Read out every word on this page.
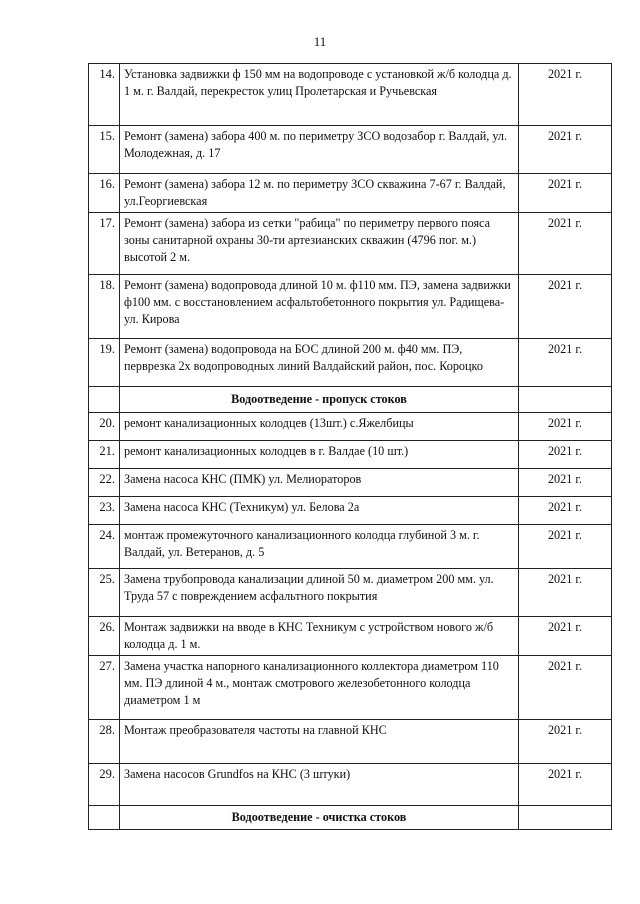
11
14.	Установка задвижки ф 150 мм на водопроводе с установкой ж/б колодца д. 1 м. г. Валдай, перекресток улиц Пролетарская и Ручьевская	2021 г.
15.	Ремонт (замена) забора 400 м. по периметру ЗСО водозабор г. Валдай, ул. Молодежная, д. 17	2021 г.
16.	Ремонт (замена) забора 12 м. по периметру ЗСО скважина 7-67 г. Валдай, ул.Георгиевская	2021 г.
17.	Ремонт (замена) забора из сетки "рабица" по периметру первого пояса зоны санитарной охраны 30-ти артезианских скважин (4796 пог. м.) высотой 2 м.	2021 г.
18.	Ремонт (замена) водопровода длиной 10 м. ф110 мм. ПЭ, замена задвижки ф100 мм. с восстановлением асфальтобетонного покрытия ул. Радищева- ул. Кирова	2021 г.
19.	Ремонт (замена) водопровода на БОС длиной 200 м. ф40 мм. ПЭ, перврезка 2х водопроводных линий Валдайский район, пос. Короцко	2021 г.
	Водоотведение - пропуск стоков	
20.	ремонт канализационных колодцев (13шт.) с.Яжелбицы	2021 г.
21.	ремонт канализационных колодцев в г. Валдае (10 шт.)	2021 г.
22.	Замена насоса КНС (ПМК) ул. Мелиораторов	2021 г.
23.	Замена насоса КНС (Техникум) ул. Белова 2а	2021 г.
24.	монтаж промежуточного канализационного колодца глубиной 3 м. г. Валдай, ул. Ветеранов, д. 5	2021 г.
25.	Замена трубопровода канализации длиной 50 м. диаметром 200 мм. ул. Труда 57 с повреждением асфальтного покрытия	2021 г.
26.	Монтаж задвижки на вводе в КНС Техникум с устройством нового ж/б колодца д. 1 м.	2021 г.
27.	Замена участка напорного канализационного коллектора диаметром 110 мм. ПЭ длиной 4 м., монтаж смотрового железобетонного колодца диаметром 1 м	2021 г.
28.	Монтаж преобразователя частоты на главной КНС	2021 г.
29.	Замена насосов Grundfos на КНС (3 штуки)	2021 г.
	Водоотведение - очистка стоков	
